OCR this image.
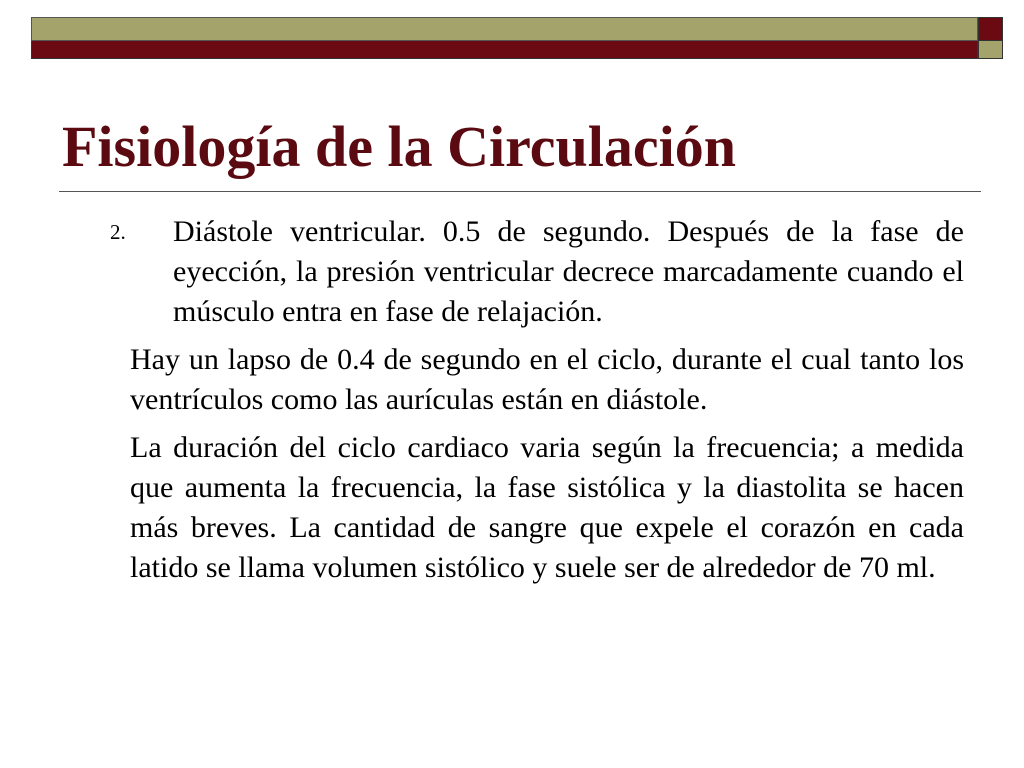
Fisiología de la Circulación

2. Diástole ventricular. 0.5 de segundo. Después de la fase de eyección, la presión ventricular decrece marcadamente cuando el músculo entra en fase de relajación.

Hay un lapso de 0.4 de segundo en el ciclo, durante el cual tanto los ventrículos como las aurículas están en diástole.

La duración del ciclo cardiaco varia según la frecuencia; a medida que aumenta la frecuencia, la fase sistólica y la diastolita se hacen más breves. La cantidad de sangre que expele el corazón en cada latido se llama volumen sistólico y suele ser de alrededor de 70 ml.
